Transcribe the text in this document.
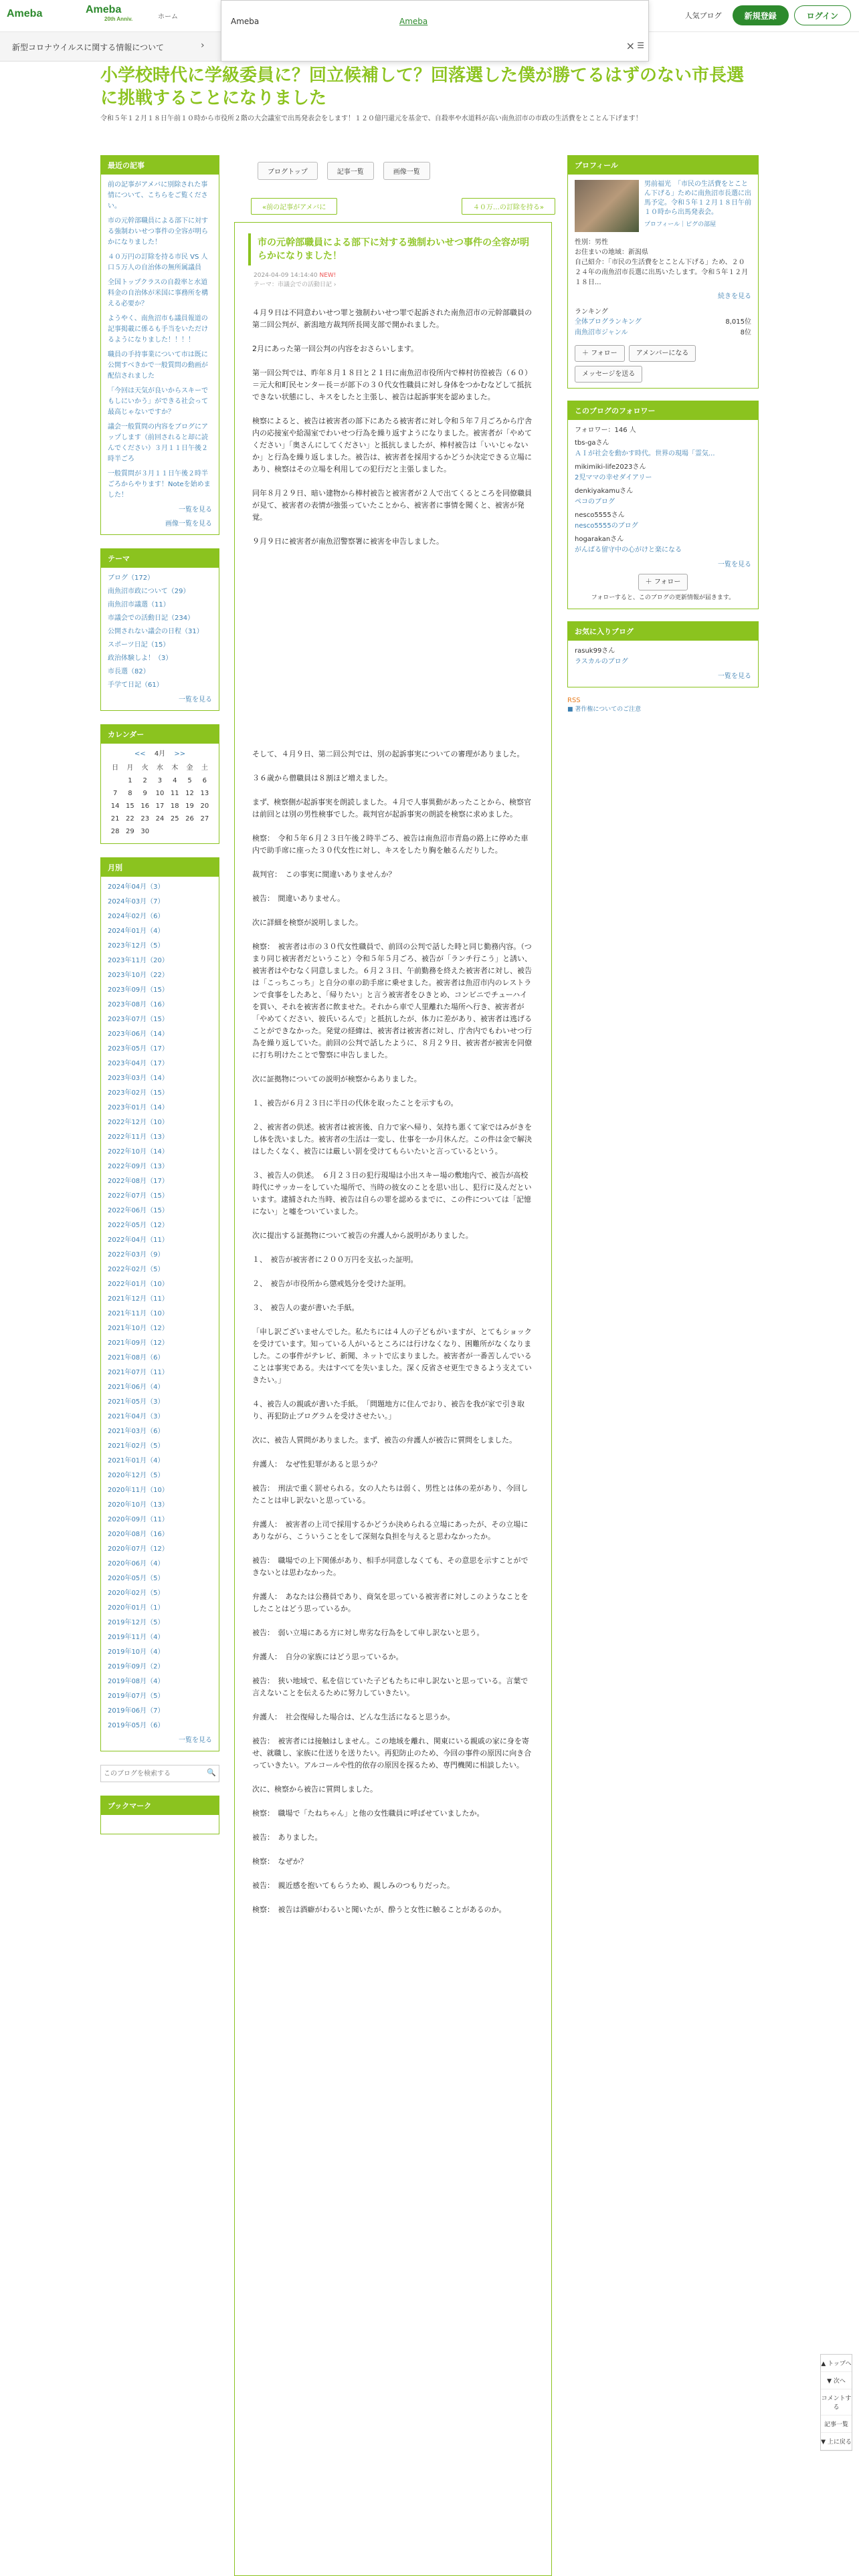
Ameba	Ameba
20th Anniv.	ホーム	人気ブログ	新規登録	ログイン
新型コロナウイルスに関する情報について	›
Ameba	Ameba
× ☰
小学校時代に学級委員に？回立候補して？回落選した僕が勝てるはずのない市長選に挑戦することになりました
令和５年１２月１８日午前１０時から市役所２階の大会議室で出馬発表会をします！１２０億円還元を基金で、自殺率や水道料が高い南魚沼市の市政の生活費をとことん下げます！
最近の記事
前の記事がアメバに別除された事情について、こちらをご覧ください。
市の元幹部職員による部下に対する強制わいせつ事件の全容が明らかになりました！
４０万円の訂除を持る市民 VS 人口５万人の自治体の無所属議員
全国トップクラスの自殺率と水道料金の自治体が米国に事務所を構える必要か？
ようやく、南魚沼市も議員報道の記事掲載に係るも手当をいただけるようになりました！！！！
職員の手持事業について市は既に公開すべきかで一般質問の動画が配信されました
「今回は天気が良いからスキーでもしにいかう」ができる社会って最高じゃないですか？
議会一般質問の内容をブログにアップします（前回されると却に読んでください）３月１１日午後２時半ごろ
一般質問が３月１１日午後２時半ごろからやります！Noteを始めました！
一覧を見る
画像一覧を見る
テーマ
ブログ（172）
南魚沼市政について（29）
南魚沼市議選（11）
市議会での活動日記（234）
公開されない議会の日程（31）
スポーツ日記（15）
政治体験しよ！（3）
市長選（82）
手学て日記（61）
一覧を見る
カレンダー
<< 4月 >>
日	月	火	水	木	金	土
	1	2	3	4	5	6
7	8	9	10	11	12	13
14	15	16	17	18	19	20
21	22	23	24	25	26	27
28	29	30				
月別
2024年04月（3）
2024年03月（7）
2024年02月（6）
2024年01月（4）
2023年12月（5）
2023年11月（20）
2023年10月（22）
2023年09月（15）
2023年08月（16）
2023年07月（15）
2023年06月（14）
2023年05月（17）
2023年04月（17）
2023年03月（14）
2023年02月（15）
2023年01月（14）
2022年12月（10）
2022年11月（13）
2022年10月（14）
2022年09月（13）
2022年08月（17）
2022年07月（15）
2022年06月（15）
2022年05月（12）
2022年04月（11）
2022年03月（9）
2022年02月（5）
2022年01月（10）
2021年12月（11）
2021年11月（10）
2021年10月（12）
2021年09月（12）
2021年08月（6）
2021年07月（11）
2021年06月（4）
2021年05月（3）
2021年04月（3）
2021年03月（6）
2021年02月（5）
2021年01月（4）
2020年12月（5）
2020年11月（10）
2020年10月（13）
2020年09月（11）
2020年08月（16）
2020年07月（12）
2020年06月（4）
2020年05月（5）
2020年02月（5）
2020年01月（1）
2019年12月（5）
2019年11月（4）
2019年10月（4）
2019年09月（2）
2019年08月（4）
2019年07月（5）
2019年06月（7）
2019年05月（6）
一覧を見る
このブログを検索する
🔍
ブックマーク
ブログトップ	記事一覧	画像一覧
«前の記事がアメバに	４０万…の訂除を持る»
市の元幹部職員による部下に対する強制わいせつ事件の全容が明らかになりました！
2024-04-09 14:14:40 NEW!
テーマ：市議会での活動日記 ›

４月９日は不同意わいせつ罪と強制わいせつ罪で起訴された南魚沼市の元幹部職員の第二回公判が、新潟地方裁判所長岡支部で開かれました。

2月にあった第一回公判の内容をおさらいします。

第一回公判では、昨年８月１８日と２１日に南魚沼市役所内で棒村彷徨被告（６０）＝元大和町民センター長＝が部下の３０代女性職員に対し身体をつかむなどして抵抗できない状態にし、キスをしたと主張し、被告は起訴事実を認めました。

検察によると、被告は被害者の部下にあたる被害者に対し令和５年７月ごろから庁舎内の応接室や給湯室でわいせつ行為を繰り返すようになりました。被害者が「やめてください」「奥さんにしてください」と抵抗しましたが、棒村被告は「いいじゃないか」と行為を繰り返しました。被告は、被害者を採用するかどうか決定できる立場にあり、検察はその立場を利用しての犯行だと主張しました。

同年８月２９日、暗い建物から棒村被告と被害者が２人で出てくるところを同僚職員が見て、被害者の表情が強張っていたことから、被害者に事情を聞くと、被害が発覚。

９月９日に被害者が南魚沼警察署に被害を申告しました。

そして、４月９日、第二回公判では、別の起訴事実についての審理がありました。

３６歳から僧職員は８割ほど増えました。

まず、検察側が起訴事実を朗読しました。４月で人事異動があったことから、検察官は前回とは別の男性検事でした。裁判官が起訴事実の朗読を検察に求めました。

検察：　令和５年６月２３日午後２時半ごろ、被告は南魚沼市青島の路上に停めた車内で助手席に座った３０代女性に対し、キスをしたり胸を触るんだりした。

裁判官：　この事実に間違いありませんか？

被告：　間違いありません。

次に詳細を検察が説明しました。

検察：　被害者は市の３０代女性職員で、前回の公判で話した時と同じ勤務内容。（つまり同じ被害者だということ）令和５年５月ごろ、被告が「ランチ行こう」と誘い、被害者はやむなく同意しました。６月２３日、午前勤務を終えた被害者に対し、被告は「こっちこっち」と自分の車の助手席に乗せました。被害者は魚沼市内のレストランで食事をしたあと、「帰りたい」と言う被害者をひきとめ、コンビニでチューハイを買い、それを被害者に飲ませた。それから車で人里離れた場所へ行き、被害者が「やめてください、彼氏いるんで」と抵抗したが、体力に差があり、被害者は逃げることができなかった。発覚の経緯は、被害者は被害者に対し、庁舎内でもわいせつ行為を繰り返していた。前回の公判で話したように、８月２９日、被害者が被害を同僚に打ち明けたことで警察に申告しました。

次に証拠物についての説明が検察からありました。

１、被告が６月２３日に半日の代休を取ったことを示すもの。

２、被害者の供述。被害者は被害後、自力で家へ帰り、気持ち悪くて家ではみがきをし体を洗いました。被害者の生活は一変し、仕事を一か月休んだ。この件は金で解決はしたくなく、被告には厳しい罰を受けてもらいたいと言っているという。

３、被告人の供述。　６月２３日の犯行現場は小出スキー場の敷地内で、被告が高校時代にサッカーをしていた場所で、当時の彼女のことを思い出し、犯行に及んだといいます。逮捕された当時、被告は自らの罪を認めるまでに、この件については「記憶にない」と嘘をついていました。

次に提出する証拠物について被告の弁護人から説明がありました。

１、　被告が被害者に２００万円を支払った証明。

２、　被告が市役所から懲戒処分を受けた証明。

３、　被告人の妻が書いた手紙。

「申し訳ございませんでした。私たちには４人の子どもがいますが、とてもショックを受けています。知っている人がいるところには行けなくなり、困難所がなくなりました。この事件がテレビ、新聞、ネットで広まりました。被害者が一番苦しんでいることは事実である。夫はすべてを失いました。深く反省させ更生できるよう支えていきたい。」

４、被告人の親戚が書いた手紙。　「問題地方に住んでおり、被告を我が家で引き取り、再犯防止プログラムを受けさせたい。」

次に、被告人質問がありました。まず、被告の弁護人が被告に質問をしました。

弁護人：　なぜ性犯罪があると思うか？

被告：　刑法で重く罰せられる。女の人たちは弱く、男性とは体の差があり、今回したことは申し訳ないと思っている。

弁護人：　被害者の上司で採用するかどうか決められる立場にあったが、その立場にありながら、こういうことをして深刻な負担を与えると思わなかったか。

被告：　職場での上下関係があり、相手が同意しなくても、その意思を示すことができないとは思わなかった。

弁護人：　あなたは公務員であり、商気を思っている被害者に対しこのようなことをしたことはどう思っているか。

被告：　弱い立場にある方に対し卑劣な行為をして申し訳ないと思う。

弁護人：　自分の家族にはどう思っているか。

被告：　狭い地域で、私を信じていた子どもたちに申し訳ないと思っている。言葉で言えないことを伝えるために努力していきたい。

弁護人：　社会復帰した場合は、どんな生活になると思うか。

被告：　被害者には接触はしません。この地域を離れ、関東にいる親戚の家に身を寄せ、就職し、家族に仕送りを送りたい。再犯防止のため、今回の事件の原因に向き合っていきたい。アルコールや性的依存の原因を探るため、専門機関に相談したい。

次に、検察から被告に質問しました。

検察：　職場で「たねちゃん」と他の女性職員に呼ばせていましたか。

被告：　ありました。

検察：　なぜか？

被告：　親近感を抱いてもらうため、親しみのつもりだった。

検察：　被告は酒癖がわるいと聞いたが、酔うと女性に触ることがあるのか。

プロフィール
男前福光　「市民の生活費をとことん下げる」ために南魚沼市長選に出馬予定。令和５年１２月１８日午前１０時から出馬発表会。
プロフィール｜ピグの部屋
性別：男性
お住まいの地域：新潟県
自己紹介：「市民の生活費をとことん下げる」ため、２０２４年の南魚沼市長選に出馬いたします。令和５年１２月１８日...
続きを見る
ランキング
全体ブログランキング	8,015位
南魚沼市ジャンル	8位
＋ フォロー	アメンバーになる
メッセージを送る
このブログのフォロワー
フォロワー：146 人
tbs-gaさん
ＡＩが社会を動かす時代。世界の現場「霊気...
mikimiki-life2023さん
2児ママの幸せダイアリー
denkiyakamuさん
ペコのブログ
nesco5555さん
nesco5555のブログ
hogarakanさん
がんばる留守中の心がけと楽になる
一覧を見る
＋ フォロー
フォローすると、このブログの更新情報が届きます。
お気に入りブログ
rasuk99さん
ラスカルのブログ
一覧を見る
RSS
■ 著作権についてのご注意
▲ トップへ
▼ 次へ
コメントする
記事一覧
▼ 上に戻る
